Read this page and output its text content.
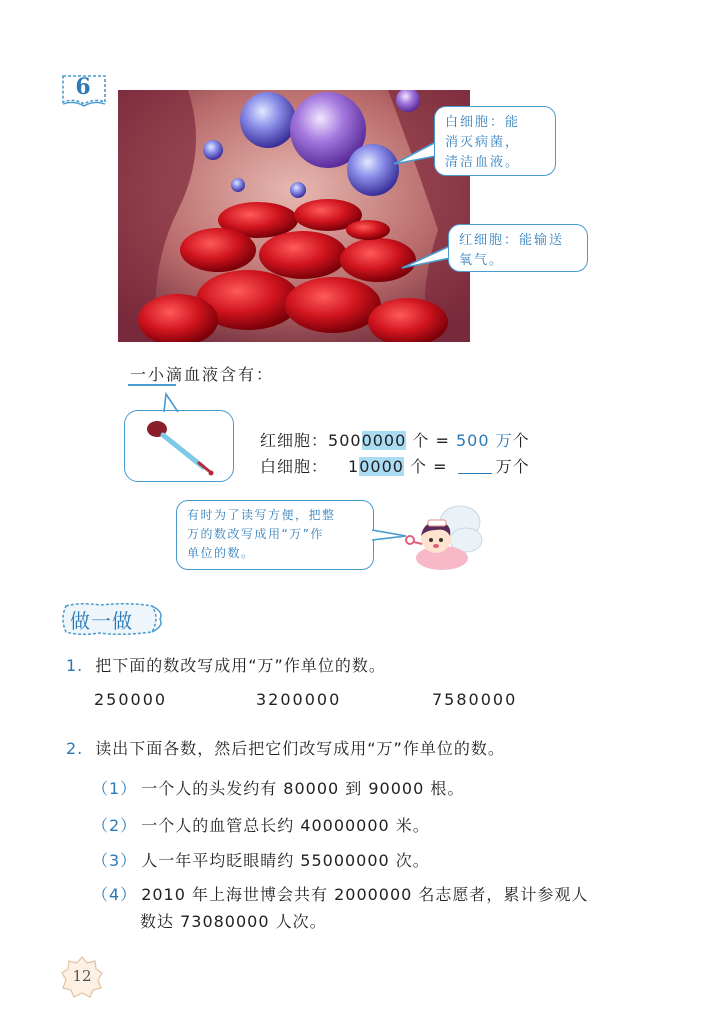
6
白细胞：能
消灭病菌，
清洁血液。
红细胞：能输送
氧气。
一小滴血液含有：
红细胞：5000000 个 = 500 万个
白细胞： 10000 个 =	万个
有时为了读写方便，把整
万的数改写成用“万”作
单位的数。
做一做
1. 把下面的数改写成用“万”作单位的数。
250000	3200000	7580000
2. 读出下面各数，然后把它们改写成用“万”作单位的数。
（1） 一个人的头发约有 80000 到 90000 根。
（2） 一个人的血管总长约 40000000 米。
（3） 人一年平均眨眼睛约 55000000 次。
（4） 2010 年上海世博会共有 2000000 名志愿者，累计参观人
数达 73080000 人次。
12
